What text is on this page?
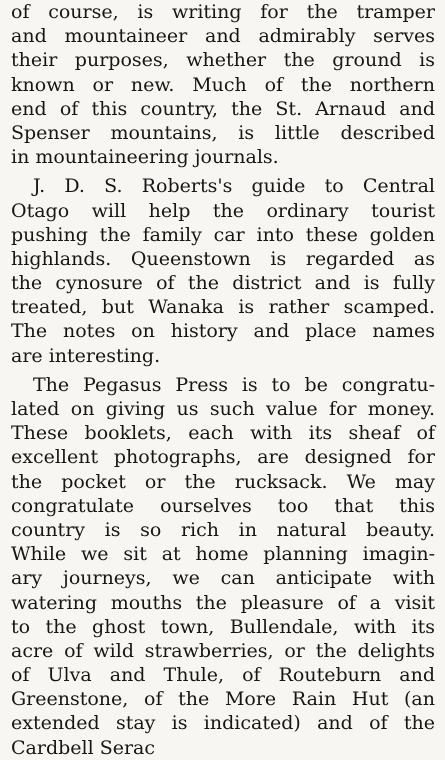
of course, is writing for the tramper
and mountaineer and admirably serves
their purposes, whether the ground is
known or new. Much of the northern
end of this country, the St. Arnaud and
Spenser mountains, is little described
in mountaineering journals.
J. D. S. Roberts's guide to Central
Otago will help the ordinary tourist
pushing the family car into these golden
highlands. Queenstown is regarded as
the cynosure of the district and is fully
treated, but Wanaka is rather scamped.
The notes on history and place names
are interesting.
The Pegasus Press is to be congratu-
lated on giving us such value for money.
These booklets, each with its sheaf of
excellent photographs, are designed for
the pocket or the rucksack. We may
congratulate ourselves too that this
country is so rich in natural beauty.
While we sit at home planning imagin-
ary journeys, we can anticipate with
watering mouths the pleasure of a visit
to the ghost town, Bullendale, with its
acre of wild strawberries, or the delights
of Ulva and Thule, of Routeburn and
Greenstone, of the More Rain Hut (an
extended stay is indicated) and of the
Cardbell Serac
